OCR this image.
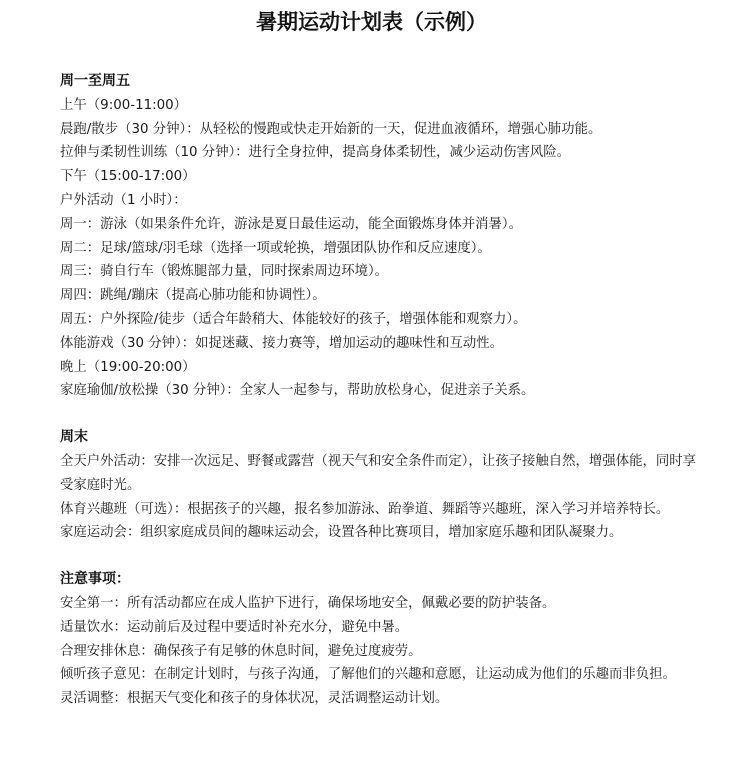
暑期运动计划表（示例）
周一至周五
上午（9:00-11:00）
晨跑/散步（30 分钟）：从轻松的慢跑或快走开始新的一天，促进血液循环，增强心肺功能。
拉伸与柔韧性训练（10 分钟）：进行全身拉伸，提高身体柔韧性，减少运动伤害风险。
下午（15:00-17:00）
户外活动（1 小时）：
周一：游泳（如果条件允许，游泳是夏日最佳运动，能全面锻炼身体并消暑）。
周二：足球/篮球/羽毛球（选择一项或轮换，增强团队协作和反应速度）。
周三：骑自行车（锻炼腿部力量，同时探索周边环境）。
周四：跳绳/蹦床（提高心肺功能和协调性）。
周五：户外探险/徒步（适合年龄稍大、体能较好的孩子，增强体能和观察力）。
体能游戏（30 分钟）：如捉迷藏、接力赛等，增加运动的趣味性和互动性。
晚上（19:00-20:00）
家庭瑜伽/放松操（30 分钟）：全家人一起参与，帮助放松身心，促进亲子关系。
周末
全天户外活动：安排一次远足、野餐或露营（视天气和安全条件而定），让孩子接触自然，增强体能，同时享受家庭时光。
体育兴趣班（可选）：根据孩子的兴趣，报名参加游泳、跆拳道、舞蹈等兴趣班，深入学习并培养特长。
家庭运动会：组织家庭成员间的趣味运动会，设置各种比赛项目，增加家庭乐趣和团队凝聚力。
注意事项：
安全第一：所有活动都应在成人监护下进行，确保场地安全，佩戴必要的防护装备。
适量饮水：运动前后及过程中要适时补充水分，避免中暑。
合理安排休息：确保孩子有足够的休息时间，避免过度疲劳。
倾听孩子意见：在制定计划时，与孩子沟通，了解他们的兴趣和意愿，让运动成为他们的乐趣而非负担。
灵活调整：根据天气变化和孩子的身体状况，灵活调整运动计划。
